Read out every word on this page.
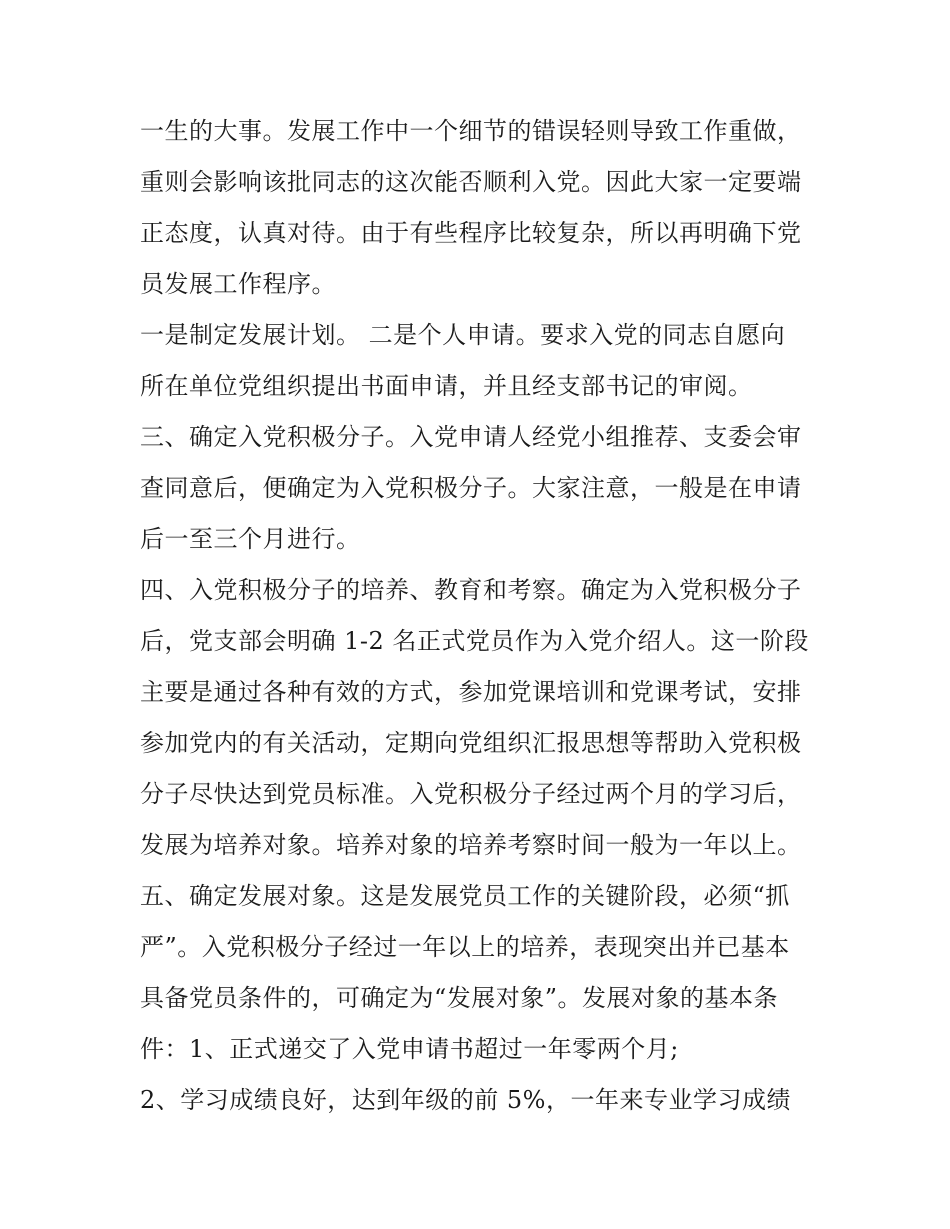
一生的大事。发展工作中一个细节的错误轻则导致工作重做，
重则会影响该批同志的这次能否顺利入党。因此大家一定要端
正态度，认真对待。由于有些程序比较复杂，所以再明确下党
员发展工作程序。
一是制定发展计划。 二是个人申请。要求入党的同志自愿向
所在单位党组织提出书面申请，并且经支部书记的审阅。
三、确定入党积极分子。入党申请人经党小组推荐、支委会审
查同意后，便确定为入党积极分子。大家注意，一般是在申请
后一至三个月进行。
四、入党积极分子的培养、教育和考察。确定为入党积极分子
后，党支部会明确 1-2 名正式党员作为入党介绍人。这一阶段
主要是通过各种有效的方式，参加党课培训和党课考试，安排
参加党内的有关活动，定期向党组织汇报思想等帮助入党积极
分子尽快达到党员标准。入党积极分子经过两个月的学习后，
发展为培养对象。培养对象的培养考察时间一般为一年以上。
五、确定发展对象。这是发展党员工作的关键阶段，必须“抓
严”。入党积极分子经过一年以上的培养，表现突出并已基本
具备党员条件的，可确定为“发展对象”。发展对象的基本条
件：1、正式递交了入党申请书超过一年零两个月;
2、学习成绩良好，达到年级的前 5%，一年来专业学习成绩
